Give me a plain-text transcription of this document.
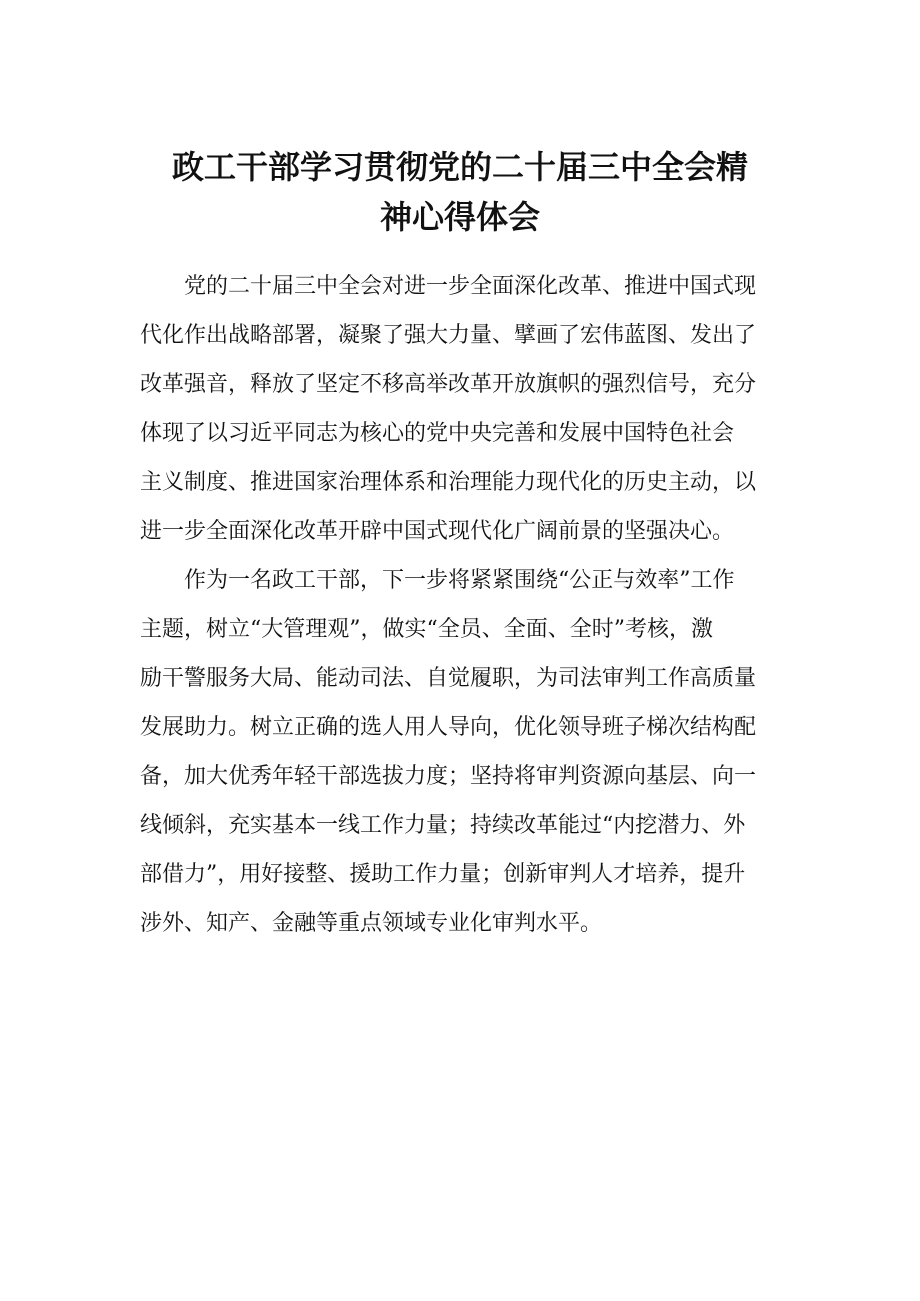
政工干部学习贯彻党的二十届三中全会精
神心得体会
　　党的二十届三中全会对进一步全面深化改革、推进中国式现
代化作出战略部署，凝聚了强大力量、擘画了宏伟蓝图、发出了
改革强音，释放了坚定不移高举改革开放旗帜的强烈信号，充分
体现了以习近平同志为核心的党中央完善和发展中国特色社会
主义制度、推进国家治理体系和治理能力现代化的历史主动，以
进一步全面深化改革开辟中国式现代化广阔前景的坚强决心。
　　作为一名政工干部，下一步将紧紧围绕“公正与效率”工作
主题，树立“大管理观”，做实“全员、全面、全时”考核，激
励干警服务大局、能动司法、自觉履职，为司法审判工作高质量
发展助力。树立正确的选人用人导向，优化领导班子梯次结构配
备，加大优秀年轻干部选拔力度；坚持将审判资源向基层、向一
线倾斜，充实基本一线工作力量；持续改革能过“内挖潜力、外
部借力”，用好接整、援助工作力量；创新审判人才培养，提升
涉外、知产、金融等重点领域专业化审判水平。
